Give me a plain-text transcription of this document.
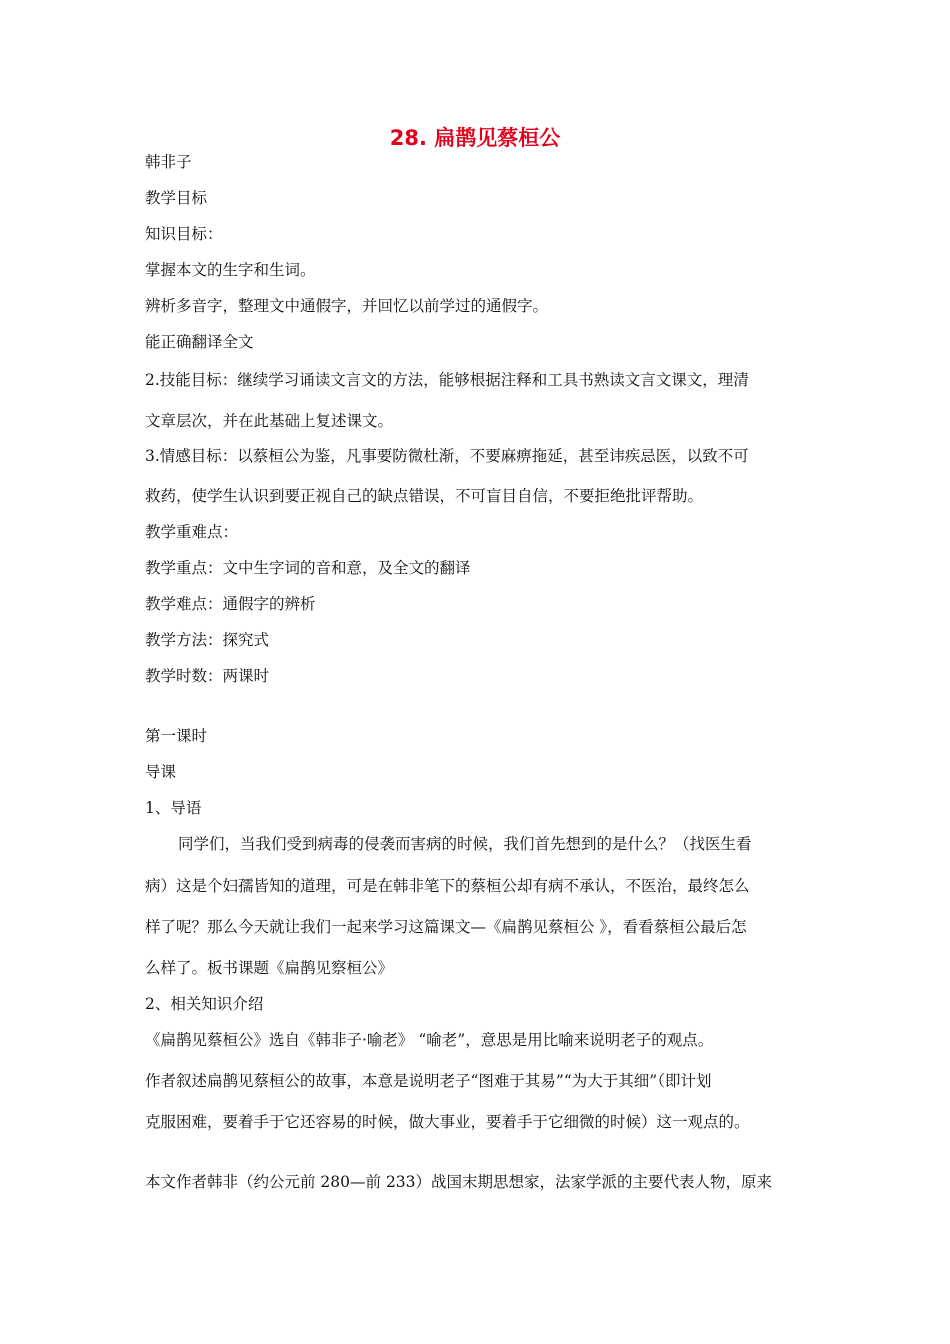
28. 扁鹊见蔡桓公
韩非子
教学目标
知识目标：
掌握本文的生字和生词。
辨析多音字，整理文中通假字，并回忆以前学过的通假字。
能正确翻译全文
2.技能目标：继续学习诵读文言文的方法，能够根据注释和工具书熟读文言文课文，理清
文章层次，并在此基础上复述课文。
3.情感目标：以蔡桓公为鉴，凡事要防微杜渐，不要麻痹拖延，甚至讳疾忌医，以致不可
救药，使学生认识到要正视自己的缺点错误，不可盲目自信，不要拒绝批评帮助。
教学重难点：
教学重点：文中生字词的音和意，及全文的翻译
教学难点：通假字的辨析
教学方法：探究式
教学时数：两课时
第一课时
导课
1、导语
同学们，当我们受到病毒的侵袭而害病的时候，我们首先想到的是什么？（找医生看
病）这是个妇孺皆知的道理，可是在韩非笔下的蔡桓公却有病不承认，不医治，最终怎么
样了呢？那么今天就让我们一起来学习这篇课文—《扁鹊见蔡桓公 》，看看蔡桓公最后怎
么样了。板书课题《扁鹊见察桓公》
2、相关知识介绍
《扁鹊见蔡桓公》选自《韩非子·喻老》 “喻老”，意思是用比喻来说明老子的观点。
作者叙述扁鹊见蔡桓公的故事，本意是说明老子“图难于其易”“为大于其细”（即计划
克服困难，要着手于它还容易的时候，做大事业，要着手于它细微的时候）这一观点的。
本文作者韩非（约公元前 280—前 233）战国末期思想家，法家学派的主要代表人物，原来
